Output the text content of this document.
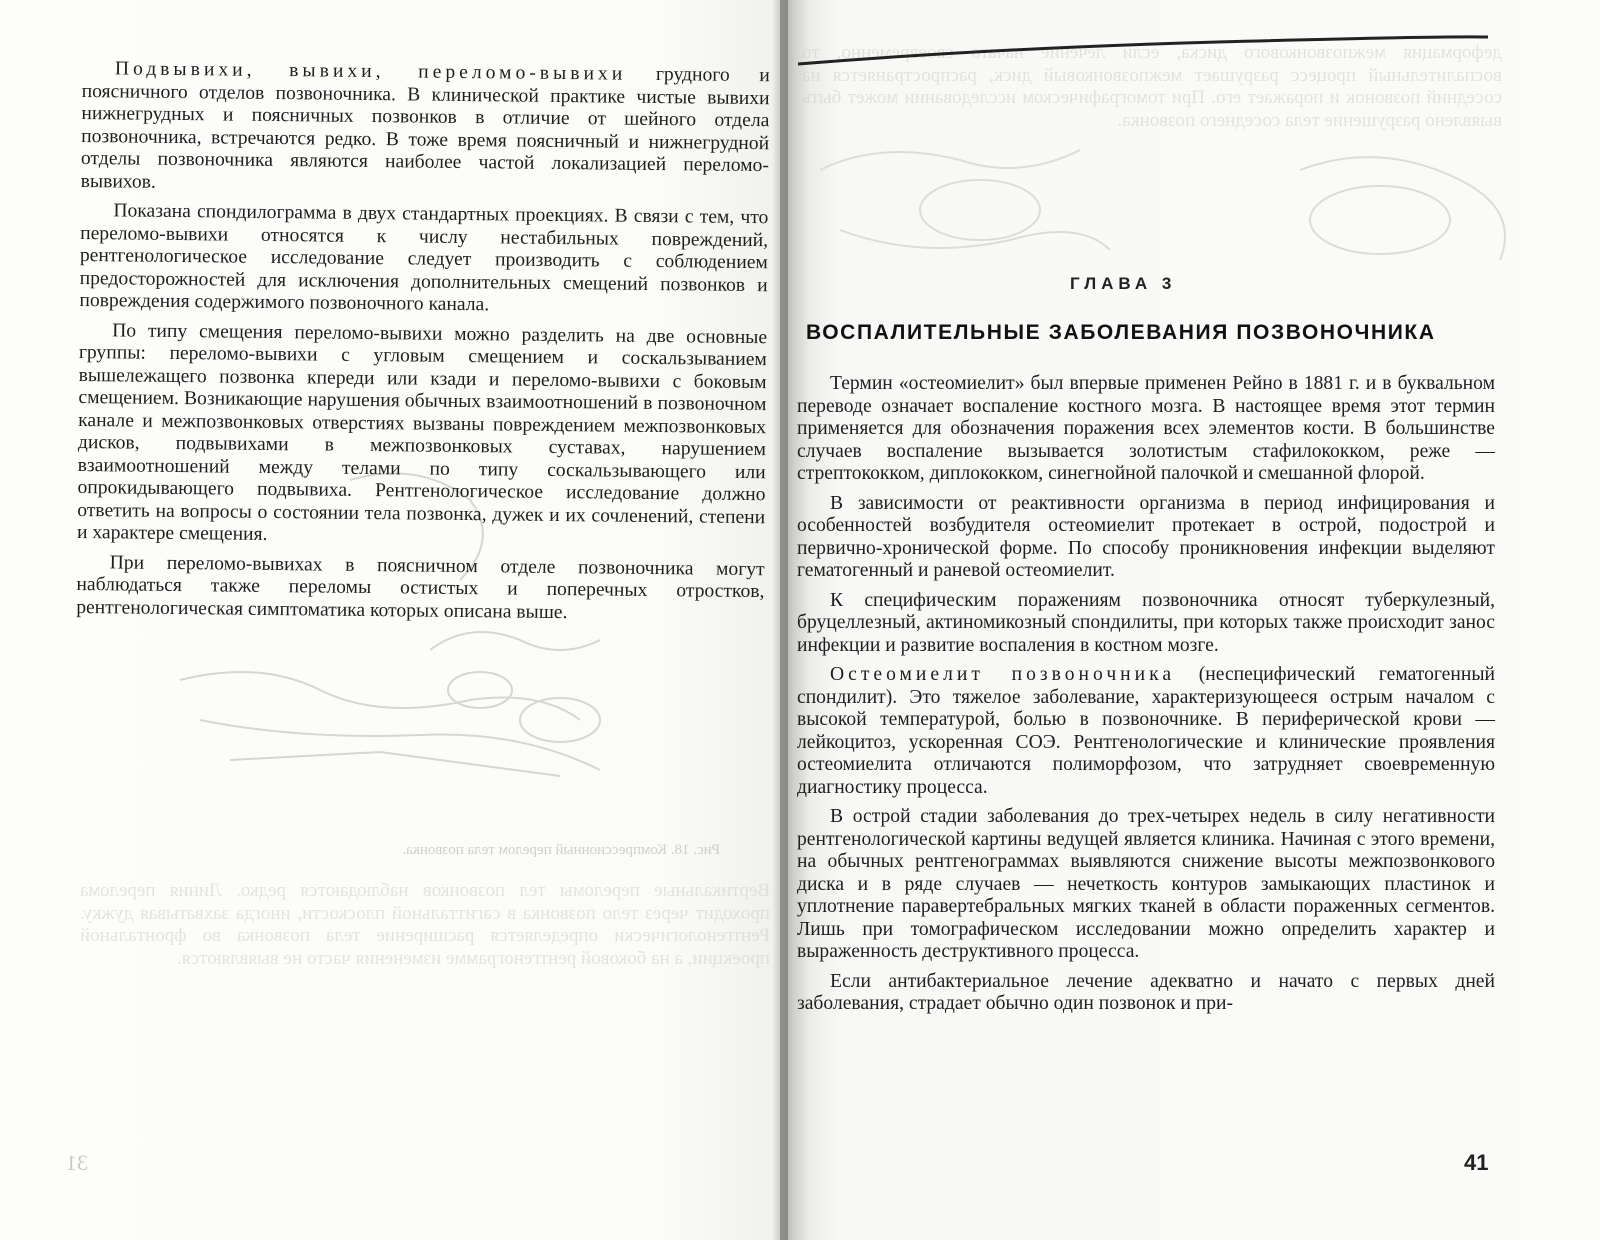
Вертикальные переломы тел позвонков наблюдаются редко. Линия перелома проходит через тело позвонка в сагиттальной плоскости, иногда захватывая дужку. Рентгенологически определяется расширение тела позвонка во фронтальной проекции, а на боковой рентгенограмме изменения часто не выявляются.
Рис. 18. Компрессионный перелом тела позвонка.
31

Подвывихи, вывихи, переломо-вывихи грудного и поясничного отделов позвоночника. В клинической практике чистые вывихи нижнегрудных и поясничных позвонков в отличие от шейного отдела позвоночника, встречаются редко. В тоже время поясничный и нижнегрудной отделы позвоночника являются наиболее частой локализацией переломо-вывихов.

Показана спондилограмма в двух стандартных проекциях. В связи с тем, что переломо-вывихи относятся к числу нестабильных повреждений, рентгенологическое исследование следует производить с соблюдением предосторожностей для исключения дополнительных смещений позвонков и повреждения содержимого позвоночного канала.

По типу смещения переломо-вывихи можно разделить на две основные группы: переломо-вывихи с угловым смещением и соскальзыванием вышележащего позвонка кпереди или кзади и переломо-вывихи с боковым смещением. Возникающие нарушения обычных взаимоотношений в позвоночном канале и межпозвонковых отверстиях вызваны повреждением межпозвонковых дисков, подвывихами в межпозвонковых суставах, нарушением взаимоотношений между телами по типу соскальзывающего или опрокидывающего подвывиха. Рентгенологическое исследование должно ответить на вопросы о состоянии тела позвонка, дужек и их сочленений, степени и характере смещения.

При переломо-вывихах в поясничном отделе позвоночника могут наблюдаться также переломы остистых и поперечных отростков, рентгенологическая симптоматика которых описана выше.

деформация межпозвонкового диска, если лечение начато своевременно, то воспалительный процесс разрушает межпозвонковый диск, распространяется на соседний позвонок и поражает его. При томографическом исследовании может быть выявлено разрушение тела соседнего позвонка.
ГЛАВА 3
ВОСПАЛИТЕЛЬНЫЕ ЗАБОЛЕВАНИЯ ПОЗВОНОЧНИКА

Термин «остеомиелит» был впервые применен Рейно в 1881 г. и в буквальном переводе означает воспаление костного мозга. В настоящее время этот термин применяется для обозначения поражения всех элементов кости. В большинстве случаев воспаление вызывается золотистым стафилококком, реже — стрептококком, диплококком, синегнойной палочкой и смешанной флорой.

В зависимости от реактивности организма в период инфицирования и особенностей возбудителя остеомиелит протекает в острой, подострой и первично-хронической форме. По способу проникновения инфекции выделяют гематогенный и раневой остеомиелит.

К специфическим поражениям позвоночника относят туберкулезный, бруцеллезный, актиномикозный спондилиты, при которых также происходит занос инфекции и развитие воспаления в костном мозге.

Остеомиелит позвоночника (неспецифический гематогенный спондилит). Это тяжелое заболевание, характеризующееся острым началом с высокой температурой, болью в позвоночнике. В периферической крови — лейкоцитоз, ускоренная СОЭ. Рентгенологические и клинические проявления остеомиелита отличаются полиморфозом, что затрудняет своевременную диагностику процесса.

В острой стадии заболевания до трех-четырех недель в силу негативности рентгенологической картины ведущей является клиника. Начиная с этого времени, на обычных рентгенограммах выявляются снижение высоты межпозвонкового диска и в ряде случаев — нечеткость контуров замыкающих пластинок и уплотнение паравертебральных мягких тканей в области пораженных сегментов. Лишь при томографическом исследовании можно определить характер и выраженность деструктивного процесса.

Если антибактериальное лечение адекватно и начато с первых дней заболевания, страдает обычно один позвонок и при-

41
